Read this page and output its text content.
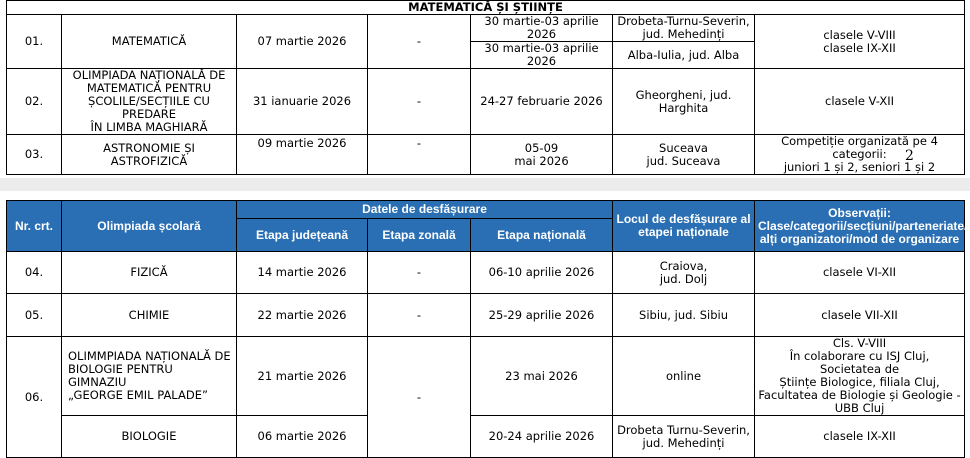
MATEMATICĂ ȘI ȘTIINȚE						
01.	MATEMATICĂ	07 martie 2026	-	30 martie-03 aprilie 2026	Drobeta-Turnu-Severin,
jud. Mehedinți	clasele V-VIII
clasele IX-XII
				30 martie-03 aprilie 2026	Alba-Iulia, jud. Alba	
02.	OLIMPIADA NAȚIONALĂ DE
MATEMATICĂ PENTRU
ȘCOLILE/SECȚIILE CU PREDARE
ÎN LIMBA MAGHIARĂ	31 ianuarie 2026	-	24-27 februarie 2026	Gheorgheni, jud.
Harghita	clasele V-XII
03.	ASTRONOMIE ȘI ASTROFIZICĂ	09 martie 2026	-	05-09
mai 2026	Suceava
jud. Suceava	Competiție organizată pe 4 categorii:
juniori 1 și 2, seniori 1 și 2
2
Nr. crt.	Olimpiada școlară	Datele de desfășurare			Locul de desfășurare al
etapei naționale	Observații:
Clase/categorii/secțiuni/parteneriate/
alți organizatori/mod de organizare
		Etapa județeană	Etapa zonală	Etapa națională		
04.	FIZICĂ	14 martie 2026	-	06-10 aprilie 2026	Craiova,
jud. Dolj	clasele VI-XII
05.	CHIMIE	22 martie 2026	-	25-29 aprilie 2026	Sibiu, jud. Sibiu	clasele VII-XII
06.	OLIMMPIADA NAȚIONALĂ DE
BIOLOGIE PENTRU GIMNAZIU
„GEORGE EMIL PALADE”	21 martie 2026	-	23 mai 2026	online	Cls. V-VIII
În colaborare cu ISJ Cluj, Societatea de
Științe Biologice, filiala Cluj,
Facultatea de Biologie și Geologie -
UBB Cluj
	BIOLOGIE	06 martie 2026		20-24 aprilie 2026	Drobeta Turnu-Severin,
jud. Mehedinți	clasele IX-XII
